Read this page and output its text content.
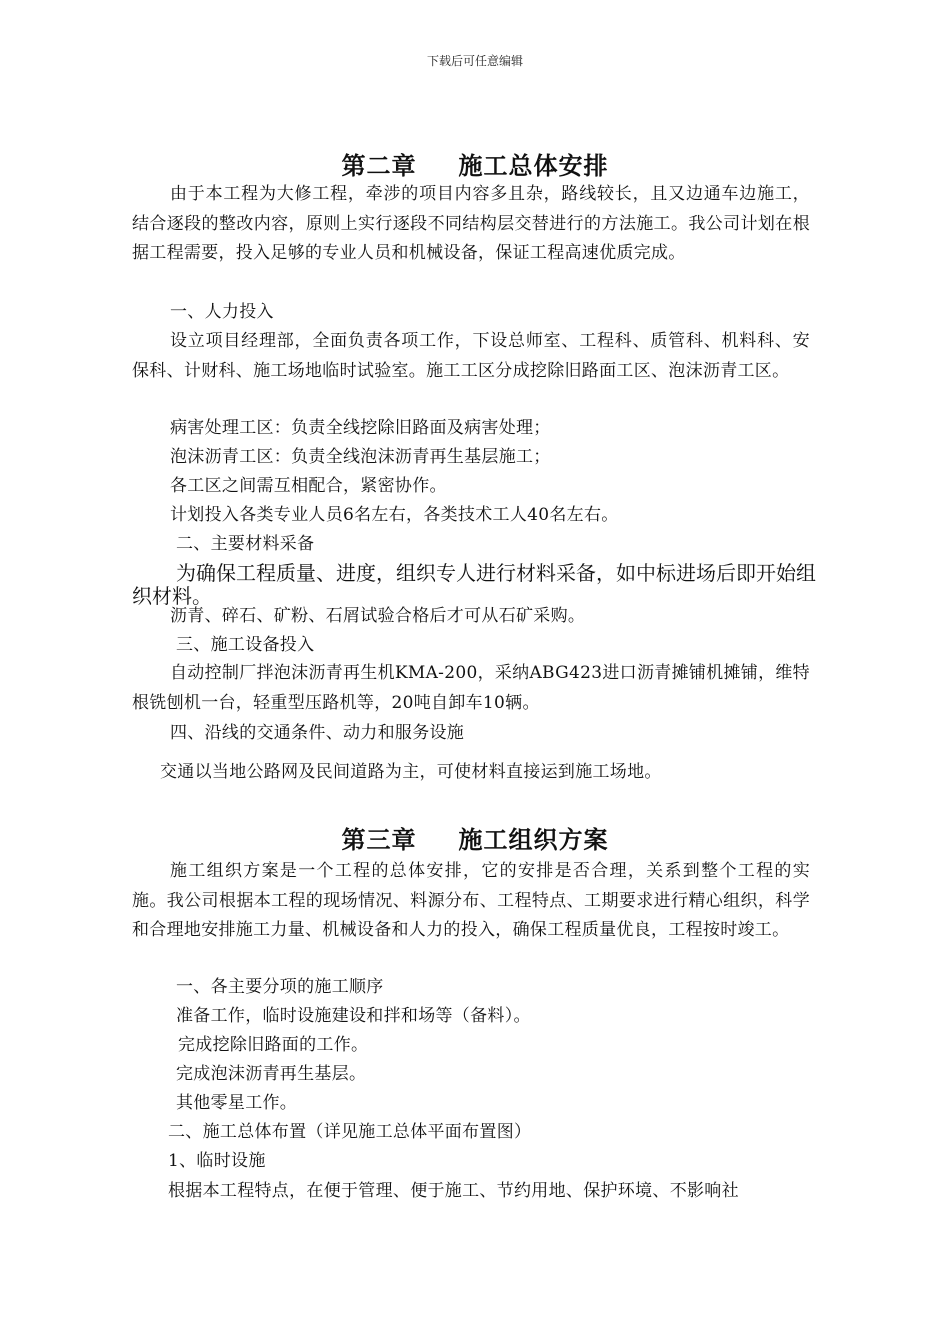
下载后可任意编辑
第二章 施工总体安排
由于本工程为大修工程，牵涉的项目内容多且杂，路线较长，且又边通车边施工，结合逐段的整改内容，原则上实行逐段不同结构层交替进行的方法施工。我公司计划在根据工程需要，投入足够的专业人员和机械设备，保证工程高速优质完成。
一、人力投入
设立项目经理部，全面负责各项工作，下设总师室、工程科、质管科、机料科、安保科、计财科、施工场地临时试验室。施工工区分成挖除旧路面工区、泡沫沥青工区。
病害处理工区：负责全线挖除旧路面及病害处理；
泡沫沥青工区：负责全线泡沫沥青再生基层施工；
各工区之间需互相配合，紧密协作。
计划投入各类专业人员6名左右，各类技术工人40名左右。
二、主要材料采备
为确保工程质量、进度，组织专人进行材料采备，如中标进场后即开始组织材料。
沥青、碎石、矿粉、石屑试验合格后才可从石矿采购。
三、施工设备投入
自动控制厂拌泡沫沥青再生机KMA-200，采纳ABG423进口沥青摊铺机摊铺，维特根铣刨机一台，轻重型压路机等，20吨自卸车10辆。
四、沿线的交通条件、动力和服务设施
交通以当地公路网及民间道路为主，可使材料直接运到施工场地。
第三章 施工组织方案
施工组织方案是一个工程的总体安排，它的安排是否合理，关系到整个工程的实施。我公司根据本工程的现场情况、料源分布、工程特点、工期要求进行精心组织，科学和合理地安排施工力量、机械设备和人力的投入，确保工程质量优良，工程按时竣工。
一、各主要分项的施工顺序
准备工作，临时设施建设和拌和场等（备料）。
完成挖除旧路面的工作。
完成泡沫沥青再生基层。
其他零星工作。
二、施工总体布置（详见施工总体平面布置图）
1、临时设施
根据本工程特点，在便于管理、便于施工、节约用地、保护环境、不影响社
